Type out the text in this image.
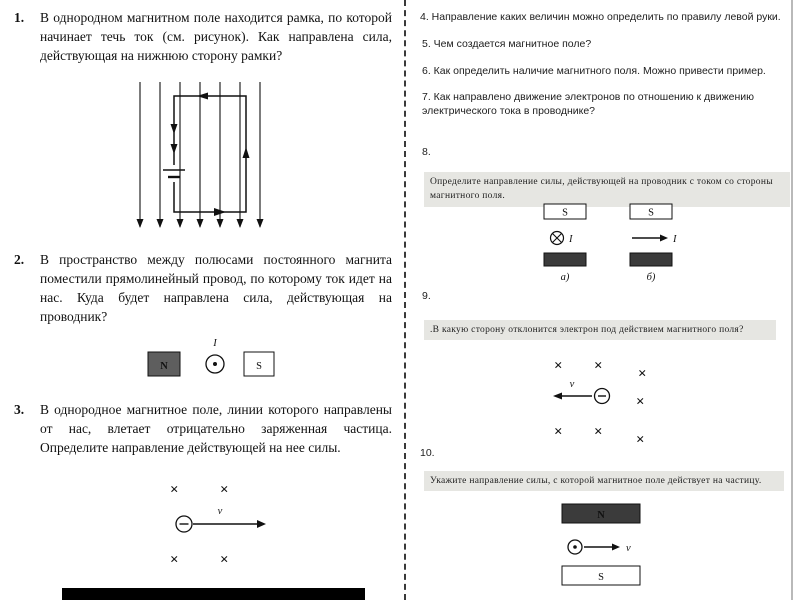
1.	В однородном магнитном поле находится рамка, по которой начинает течь ток (см. рисунок). Как направлена сила, действующая на нижнюю сторону рамки?
2.	В пространство между полюсами постоянного магнита поместили прямолинейный провод, по которому ток идет на нас. Куда будет направлена сила, действующая на проводник?
I
N	S
3.	В однородное магнитное поле, линии которого направлены от нас, влетает отрицательно заряженная частица. Определите направление действующей на нее силы.
×	×
×	×
v⃗
4. Направление каких величин можно определить по правилу левой руки.
5. Чем создается магнитное поле?
6. Как определить наличие магнитного поля. Можно привести пример.
7. Как направлено движение электронов по отношению к движению электрического тока в проводнике?
8.
Определите направление силы, действующей на проводник с током со стороны магнитного поля.
S
I
а)
S
I
б)
9.
.В какую сторону отклонится электрон под действием магнитного поля?
× × ×
v⃗
×
× × ×
10.
Укажите направление силы, с которой магнитное поле действует на частицу.
N
v⃗
S
